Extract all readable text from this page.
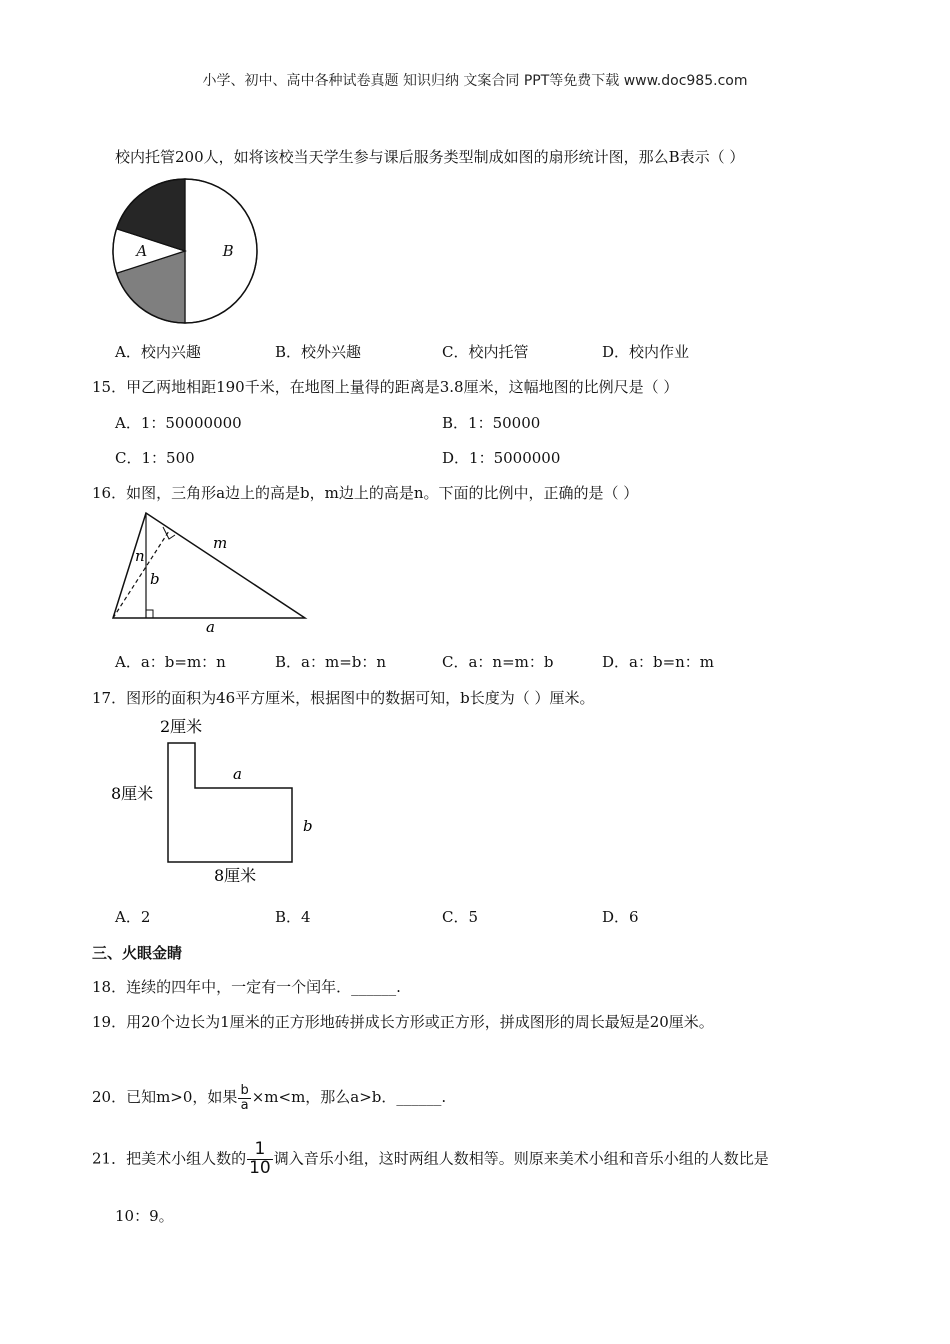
小学、初中、高中各种试卷真题 知识归纳 文案合同 PPT等免费下载 www.doc985.com
校内托管200人，如将该校当天学生参与课后服务类型制成如图的扇形统计图，那么B表示（ ）
B
A
A．校内兴趣	B．校外兴趣	C．校内托管	D．校内作业
15．甲乙两地相距190千米，在地图上量得的距离是3.8厘米，这幅地图的比例尺是（ ）
A．1：50000000	B．1：50000
C．1：500	D．1：5000000
16．如图，三角形a边上的高是b，m边上的高是n。下面的比例中，正确的是（ ）
m
n
b
a
A．a：b=m：n	B．a：m=b：n	C．a：n=m：b	D．a：b=n：m
17．图形的面积为46平方厘米，根据图中的数据可知，b长度为（ ）厘米。
2厘米
a
8厘米
b
8厘米
A．2	B．4	C．5	D．6
三、火眼金睛
18．连续的四年中，一定有一个闰年．______.
19．用20个边长为1厘米的正方形地砖拼成长方形或正方形，拼成图形的周长最短是20厘米。
20．已知m>0，如果 $\frac{b}{a} \times m<m$，那么a>b．______.
21．把美术小组人数的 $\frac{1}{10}$ 调入音乐小组，这时两组人数相等。则原来美术小组和音乐小组的人数比是
10：9。
